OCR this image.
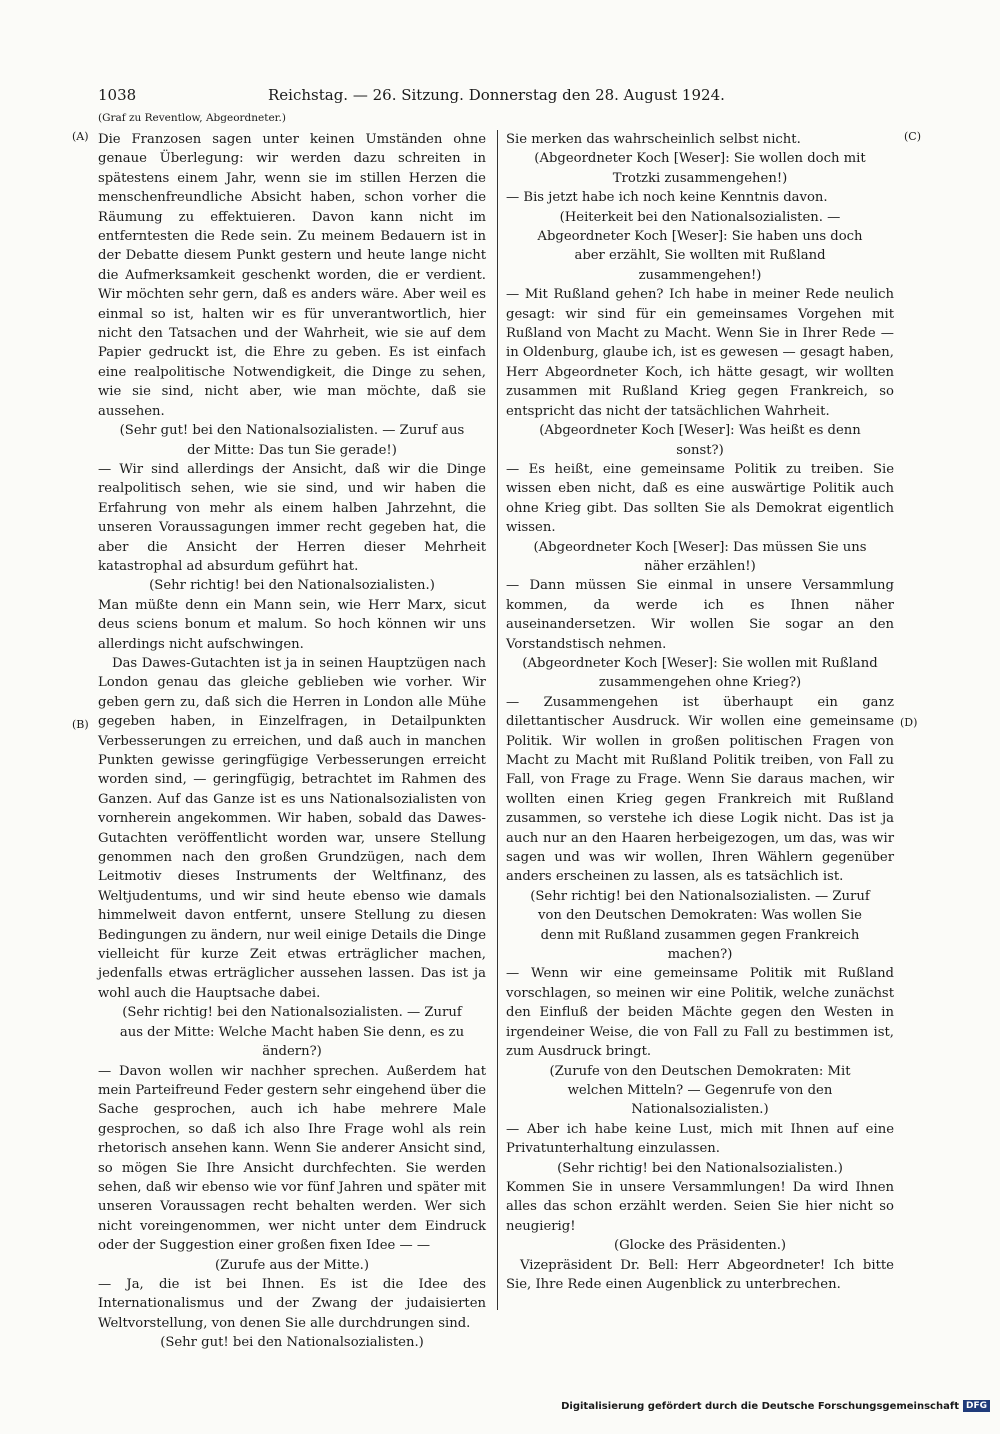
1038	Reichstag. — 26. Sitzung. Donnerstag den 28. August 1924.
(Graf zu Reventlow, Abgeordneter.)
(A)
(B)
(C)
(D)

Die Franzosen sagen unter keinen Umständen ohne genaue Überlegung: wir werden dazu schreiten in spätestens einem Jahr, wenn sie im stillen Herzen die menschenfreundliche Absicht haben, schon vorher die Räumung zu effektuieren. Davon kann nicht im entferntesten die Rede sein. Zu meinem Bedauern ist in der Debatte diesem Punkt gestern und heute lange nicht die Aufmerksamkeit geschenkt worden, die er verdient. Wir möchten sehr gern, daß es anders wäre. Aber weil es einmal so ist, halten wir es für unverantwortlich, hier nicht den Tatsachen und der Wahrheit, wie sie auf dem Papier gedruckt ist, die Ehre zu geben. Es ist einfach eine realpolitische Notwendigkeit, die Dinge zu sehen, wie sie sind, nicht aber, wie man möchte, daß sie aussehen.

(Sehr gut! bei den Nationalsozialisten. — Zuruf aus der Mitte: Das tun Sie gerade!)

— Wir sind allerdings der Ansicht, daß wir die Dinge realpolitisch sehen, wie sie sind, und wir haben die Erfahrung von mehr als einem halben Jahrzehnt, die unseren Voraussagungen immer recht gegeben hat, die aber die Ansicht der Herren dieser Mehrheit katastrophal ad absurdum geführt hat.

(Sehr richtig! bei den Nationalsozialisten.)

Man müßte denn ein Mann sein, wie Herr Marx, sicut deus sciens bonum et malum. So hoch können wir uns allerdings nicht aufschwingen.

Das Dawes-Gutachten ist ja in seinen Hauptzügen nach London genau das gleiche geblieben wie vorher. Wir geben gern zu, daß sich die Herren in London alle Mühe gegeben haben, in Einzelfragen, in Detailpunkten Verbesserungen zu erreichen, und daß auch in manchen Punkten gewisse geringfügige Verbesserungen erreicht worden sind, — geringfügig, betrachtet im Rahmen des Ganzen. Auf das Ganze ist es uns Nationalsozialisten von vornherein angekommen. Wir haben, sobald das Dawes-Gutachten veröffentlicht worden war, unsere Stellung genommen nach den großen Grundzügen, nach dem Leitmotiv dieses Instruments der Weltfinanz, des Weltjudentums, und wir sind heute ebenso wie damals himmelweit davon entfernt, unsere Stellung zu diesen Bedingungen zu ändern, nur weil einige Details die Dinge vielleicht für kurze Zeit etwas erträglicher machen, jedenfalls etwas erträglicher aussehen lassen. Das ist ja wohl auch die Hauptsache dabei.

(Sehr richtig! bei den Nationalsozialisten. — Zuruf aus der Mitte: Welche Macht haben Sie denn, es zu ändern?)

— Davon wollen wir nachher sprechen. Außerdem hat mein Parteifreund Feder gestern sehr eingehend über die Sache gesprochen, auch ich habe mehrere Male gesprochen, so daß ich also Ihre Frage wohl als rein rhetorisch ansehen kann. Wenn Sie anderer Ansicht sind, so mögen Sie Ihre Ansicht durchfechten. Sie werden sehen, daß wir ebenso wie vor fünf Jahren und später mit unseren Voraussagen recht behalten werden. Wer sich nicht voreingenommen, wer nicht unter dem Eindruck oder der Suggestion einer großen fixen Idee — —

(Zurufe aus der Mitte.)

— Ja, die ist bei Ihnen. Es ist die Idee des Internationalismus und der Zwang der judaisierten Weltvorstellung, von denen Sie alle durchdrungen sind.

(Sehr gut! bei den Nationalsozialisten.)

Sie merken das wahrscheinlich selbst nicht.

(Abgeordneter Koch [Weser]: Sie wollen doch mit Trotzki zusammengehen!)

— Bis jetzt habe ich noch keine Kenntnis davon.

(Heiterkeit bei den Nationalsozialisten. — Abgeordneter Koch [Weser]: Sie haben uns doch aber erzählt, Sie wollten mit Rußland zusammengehen!)

— Mit Rußland gehen? Ich habe in meiner Rede neulich gesagt: wir sind für ein gemeinsames Vorgehen mit Rußland von Macht zu Macht. Wenn Sie in Ihrer Rede — in Oldenburg, glaube ich, ist es gewesen — gesagt haben, Herr Abgeordneter Koch, ich hätte gesagt, wir wollten zusammen mit Rußland Krieg gegen Frankreich, so entspricht das nicht der tatsächlichen Wahrheit.

(Abgeordneter Koch [Weser]: Was heißt es denn sonst?)

— Es heißt, eine gemeinsame Politik zu treiben. Sie wissen eben nicht, daß es eine auswärtige Politik auch ohne Krieg gibt. Das sollten Sie als Demokrat eigentlich wissen.

(Abgeordneter Koch [Weser]: Das müssen Sie uns näher erzählen!)

— Dann müssen Sie einmal in unsere Versammlung kommen, da werde ich es Ihnen näher auseinandersetzen. Wir wollen Sie sogar an den Vorstandstisch nehmen.

(Abgeordneter Koch [Weser]: Sie wollen mit Rußland zusammengehen ohne Krieg?)

— Zusammengehen ist überhaupt ein ganz dilettantischer Ausdruck. Wir wollen eine gemeinsame Politik. Wir wollen in großen politischen Fragen von Macht zu Macht mit Rußland Politik treiben, von Fall zu Fall, von Frage zu Frage. Wenn Sie daraus machen, wir wollten einen Krieg gegen Frankreich mit Rußland zusammen, so verstehe ich diese Logik nicht. Das ist ja auch nur an den Haaren herbeigezogen, um das, was wir sagen und was wir wollen, Ihren Wählern gegenüber anders erscheinen zu lassen, als es tatsächlich ist.

(Sehr richtig! bei den Nationalsozialisten. — Zuruf von den Deutschen Demokraten: Was wollen Sie denn mit Rußland zusammen gegen Frankreich machen?)

— Wenn wir eine gemeinsame Politik mit Rußland vorschlagen, so meinen wir eine Politik, welche zunächst den Einfluß der beiden Mächte gegen den Westen in irgendeiner Weise, die von Fall zu Fall zu bestimmen ist, zum Ausdruck bringt.

(Zurufe von den Deutschen Demokraten: Mit welchen Mitteln? — Gegenrufe von den Nationalsozialisten.)

— Aber ich habe keine Lust, mich mit Ihnen auf eine Privatunterhaltung einzulassen.

(Sehr richtig! bei den Nationalsozialisten.)

Kommen Sie in unsere Versammlungen! Da wird Ihnen alles das schon erzählt werden. Seien Sie hier nicht so neugierig!

(Glocke des Präsidenten.)

Vizepräsident Dr. Bell: Herr Abgeordneter! Ich bitte Sie, Ihre Rede einen Augenblick zu unterbrechen.

Digitalisierung gefördert durch die Deutsche Forschungsgemeinschaft DFG
